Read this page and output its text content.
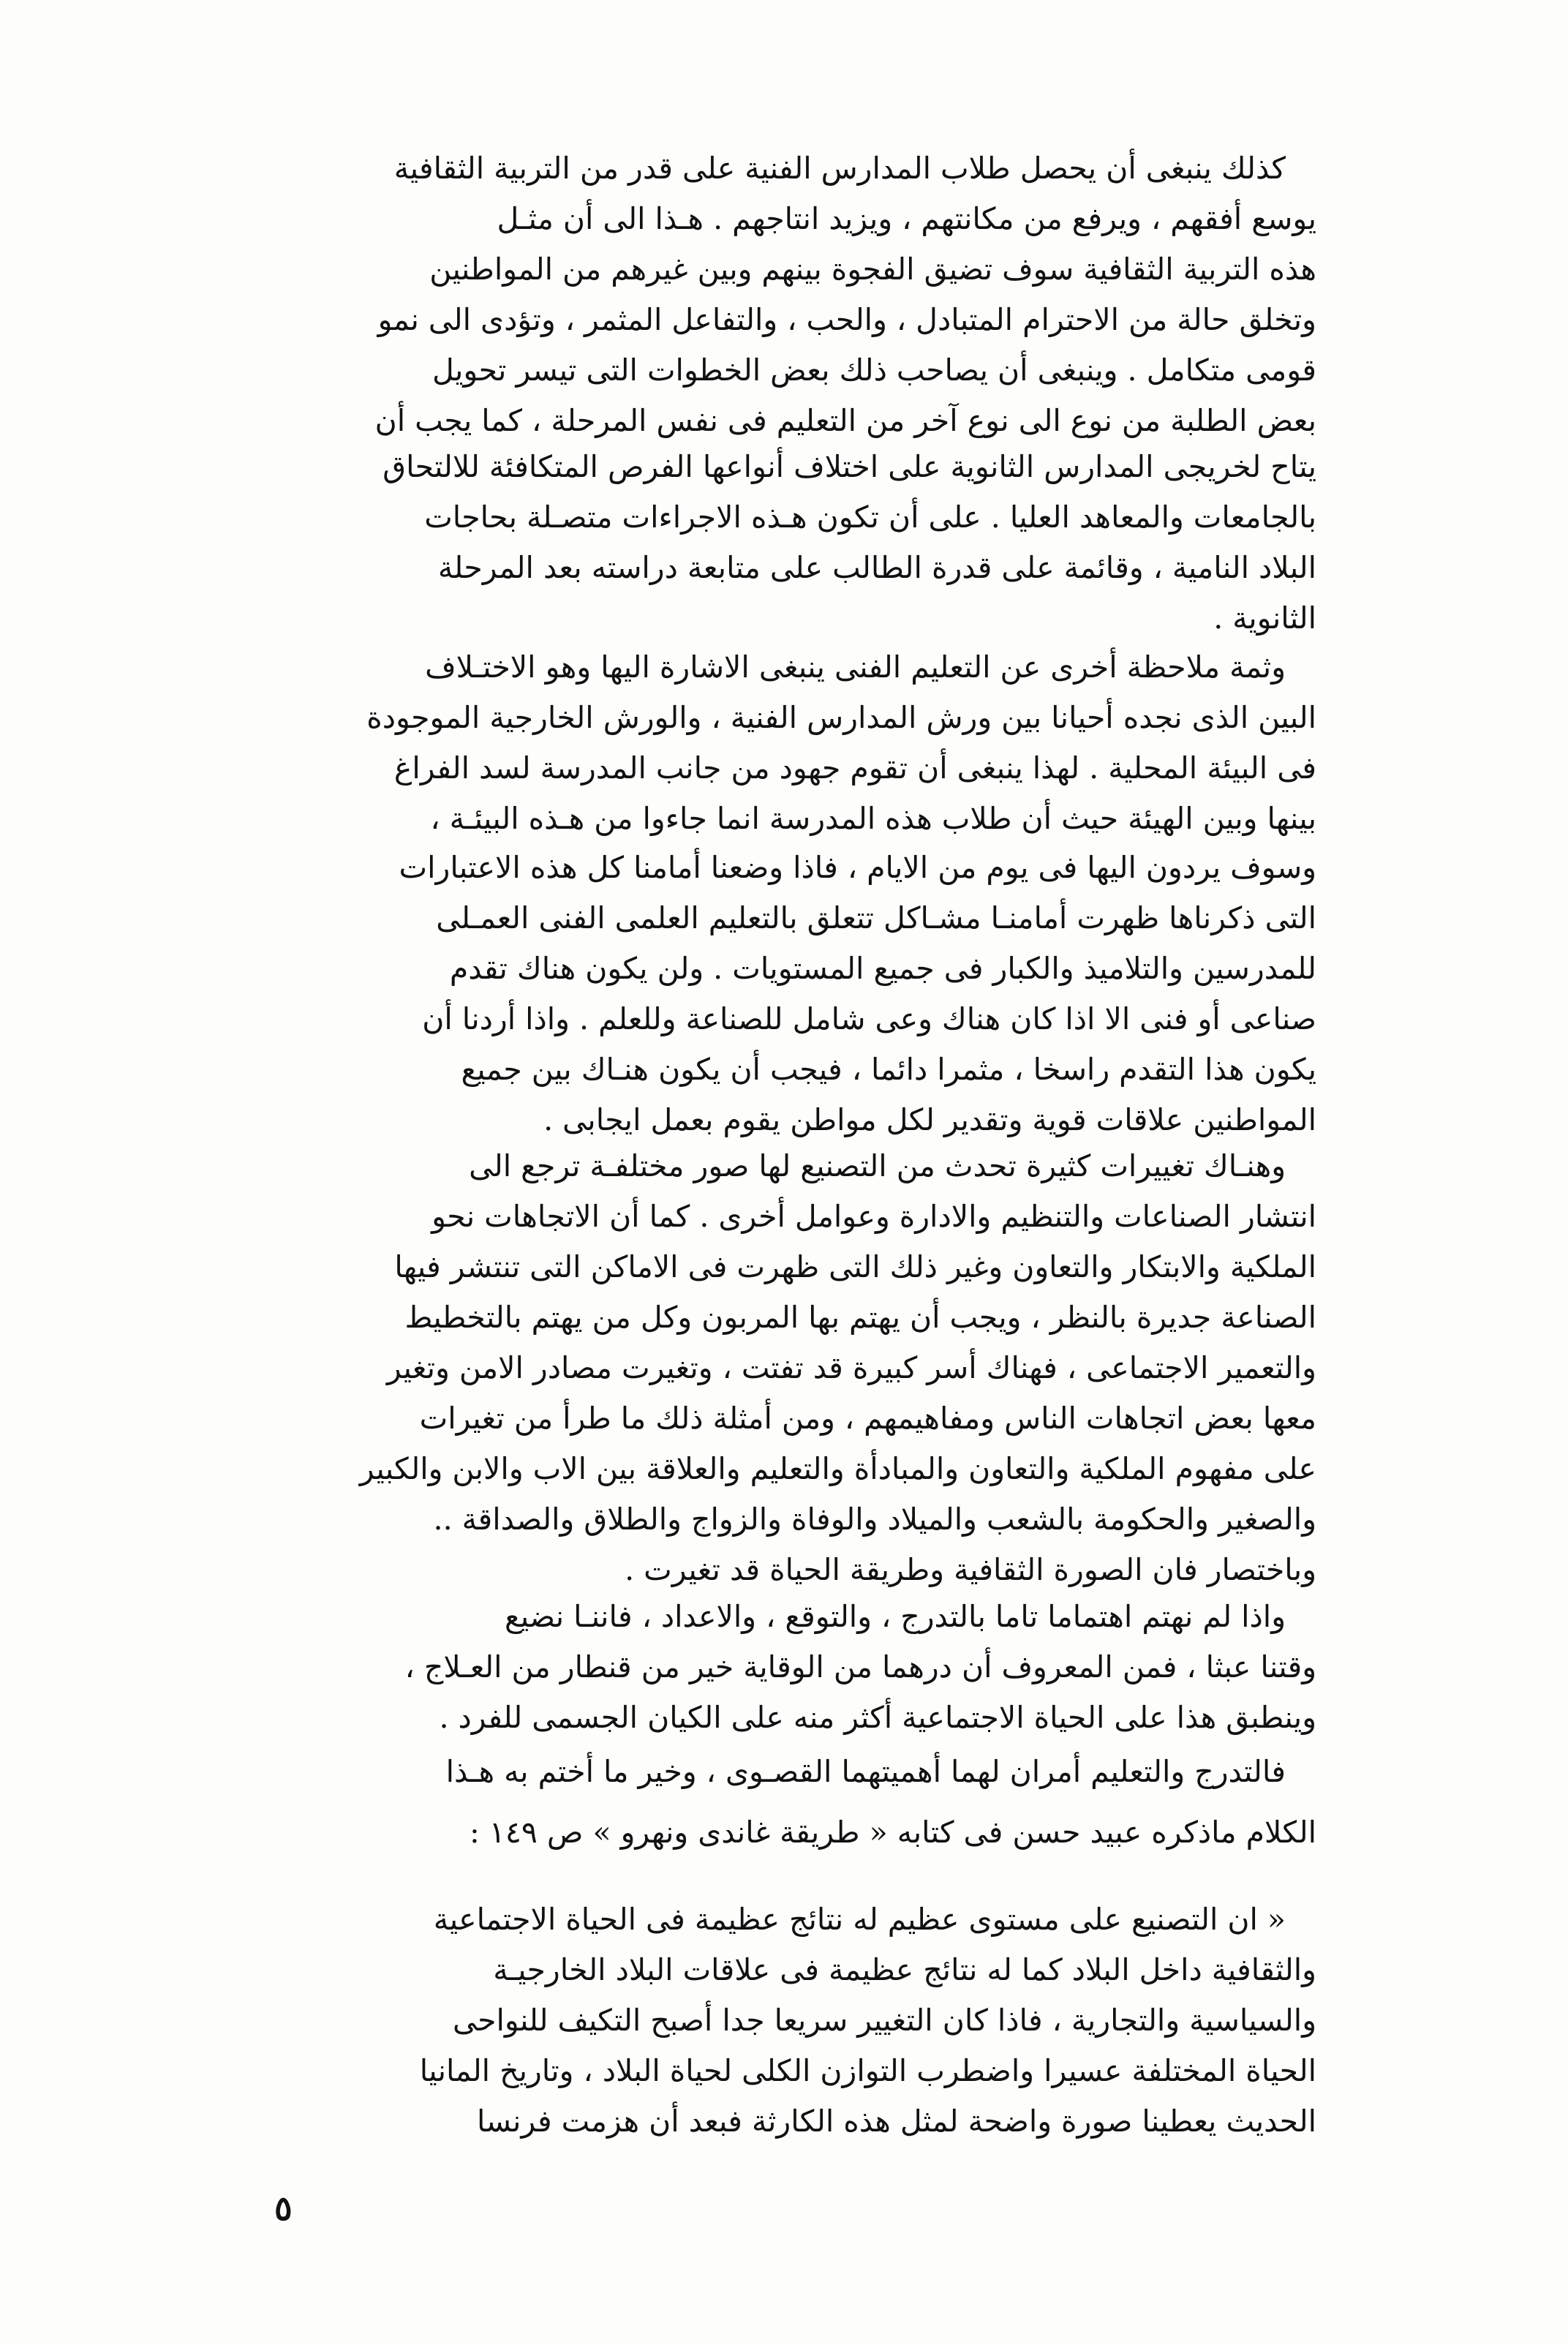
كذلك ينبغى أن يحصل طلاب المدارس الفنية على قدر من التربية الثقافية
يوسع أفقهم ، ويرفع من مكانتهم ، ويزيد انتاجهم . هـذا الى أن مثـل
هذه التربية الثقافية سوف تضيق الفجوة بينهم وبين غيرهم من المواطنين
وتخلق حالة من الاحترام المتبادل ، والحب ، والتفاعل المثمر ، وتؤدى الى نمو
قومى متكامل . وينبغى أن يصاحب ذلك بعض الخطوات التى تيسر تحويل
بعض الطلبة من نوع الى نوع آخر من التعليم فى نفس المرحلة ، كما يجب أن
يتاح لخريجى المدارس الثانوية على اختلاف أنواعها الفرص المتكافئة للالتحاق
بالجامعات والمعاهد العليا . على أن تكون هـذه الاجراءات متصـلة بحاجات
البلاد النامية ، وقائمة على قدرة الطالب على متابعة دراسته بعد المرحلة
الثانوية .
وثمة ملاحظة أخرى عن التعليم الفنى ينبغى الاشارة اليها وهو الاختـلاف
البين الذى نجده أحيانا بين ورش المدارس الفنية ، والورش الخارجية الموجودة
فى البيئة المحلية . لهذا ينبغى أن تقوم جهود من جانب المدرسة لسد الفراغ
بينها وبين الهيئة حيث أن طلاب هذه المدرسة انما جاءوا من هـذه البيئـة ،
وسوف يردون اليها فى يوم من الايام ، فاذا وضعنا أمامنا كل هذه الاعتبارات
التى ذكرناها ظهرت أمامنـا مشـاكل تتعلق بالتعليم العلمى الفنى العمـلى
للمدرسين والتلاميذ والكبار فى جميع المستويات . ولن يكون هناك تقدم
صناعى أو فنى الا اذا كان هناك وعى شامل للصناعة وللعلم . واذا أردنا أن
يكون هذا التقدم راسخا ، مثمرا دائما ، فيجب أن يكون هنـاك بين جميع
المواطنين علاقات قوية وتقدير لكل مواطن يقوم بعمل ايجابى .
وهنـاك تغييرات كثيرة تحدث من التصنيع لها صور مختلفـة ترجع الى
انتشار الصناعات والتنظيم والادارة وعوامل أخرى . كما أن الاتجاهات نحو
الملكية والابتكار والتعاون وغير ذلك التى ظهرت فى الاماكن التى تنتشر فيها
الصناعة جديرة بالنظر ، ويجب أن يهتم بها المربون وكل من يهتم بالتخطيط
والتعمير الاجتماعى ، فهناك أسر كبيرة قد تفتت ، وتغيرت مصادر الامن وتغير
معها بعض اتجاهات الناس ومفاهيمهم ، ومن أمثلة ذلك ما طرأ من تغيرات
على مفهوم الملكية والتعاون والمبادأة والتعليم والعلاقة بين الاب والابن والكبير
والصغير والحكومة بالشعب والميلاد والوفاة والزواج والطلاق والصداقة ..
وباختصار فان الصورة الثقافية وطريقة الحياة قد تغيرت .
واذا لم نهتم اهتماما تاما بالتدرج ، والتوقع ، والاعداد ، فاننـا نضيع
وقتنا عبثا ، فمن المعروف أن درهما من الوقاية خير من قنطار من العـلاج ،
وينطبق هذا على الحياة الاجتماعية أكثر منه على الكيان الجسمى للفرد .
فالتدرج والتعليم أمران لهما أهميتهما القصـوى ، وخير ما أختم به هـذا
الكلام ماذكره عبيد حسن فى كتابه « طريقة غاندى ونهرو » ص ١٤٩ :
« ان التصنيع على مستوى عظيم له نتائج عظيمة فى الحياة الاجتماعية
والثقافية داخل البلاد كما له نتائج عظيمة فى علاقات البلاد الخارجيـة
والسياسية والتجارية ، فاذا كان التغيير سريعا جدا أصبح التكيف للنواحى
الحياة المختلفة عسيرا واضطرب التوازن الكلى لحياة البلاد ، وتاريخ المانيا
الحديث يعطينا صورة واضحة لمثل هذه الكارثة فبعد أن هزمت فرنسا
٥
